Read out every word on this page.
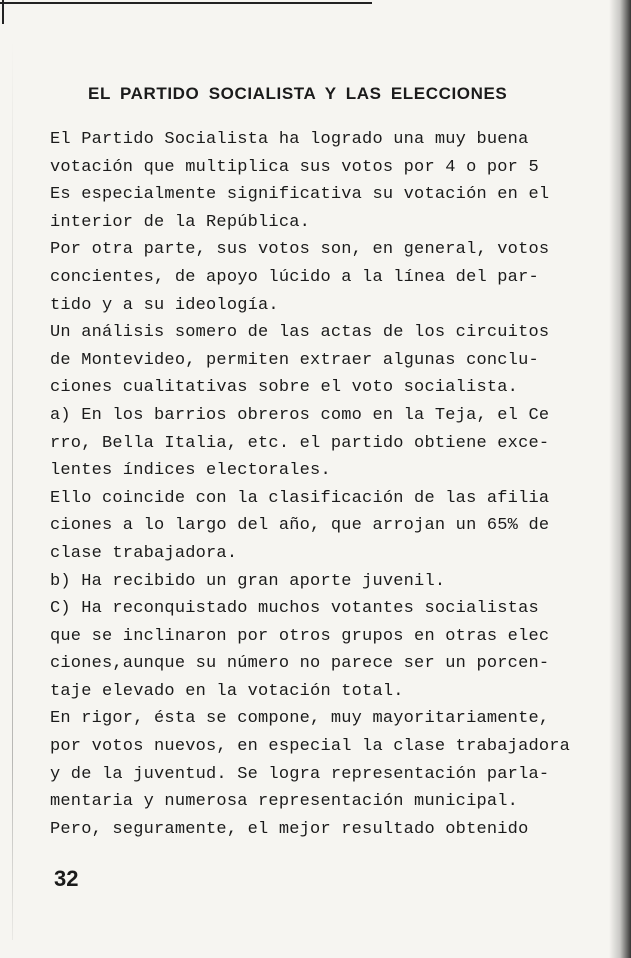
EL PARTIDO SOCIALISTA Y LAS ELECCIONES
El Partido Socialista ha logrado una muy buena
votación que multiplica sus votos por 4 o por 5
Es especialmente significativa su votación en el
interior de la República.
Por otra parte, sus votos son, en general, votos
concientes, de apoyo lúcido a la línea del par-
tido y a su ideología.
Un análisis somero de las actas de los circuitos
de Montevideo, permiten extraer algunas conclu-
ciones cualitativas sobre el voto socialista.
a) En los barrios obreros como en la Teja, el Ce
rro, Bella Italia, etc. el partido obtiene exce-
lentes índices electorales.
Ello coincide con la clasificación de las afilia
ciones a lo largo del año, que arrojan un 65% de
clase trabajadora.
b) Ha recibido un gran aporte juvenil.
C) Ha reconquistado muchos votantes socialistas
que se inclinaron por otros grupos en otras elec
ciones,aunque su número no parece ser un porcen-
taje elevado en la votación total.
En rigor, ésta se compone, muy mayoritariamente,
por votos nuevos, en especial la clase trabajadora
y de la juventud. Se logra representación parla-
mentaria y numerosa representación municipal.
Pero, seguramente, el mejor resultado obtenido
32
